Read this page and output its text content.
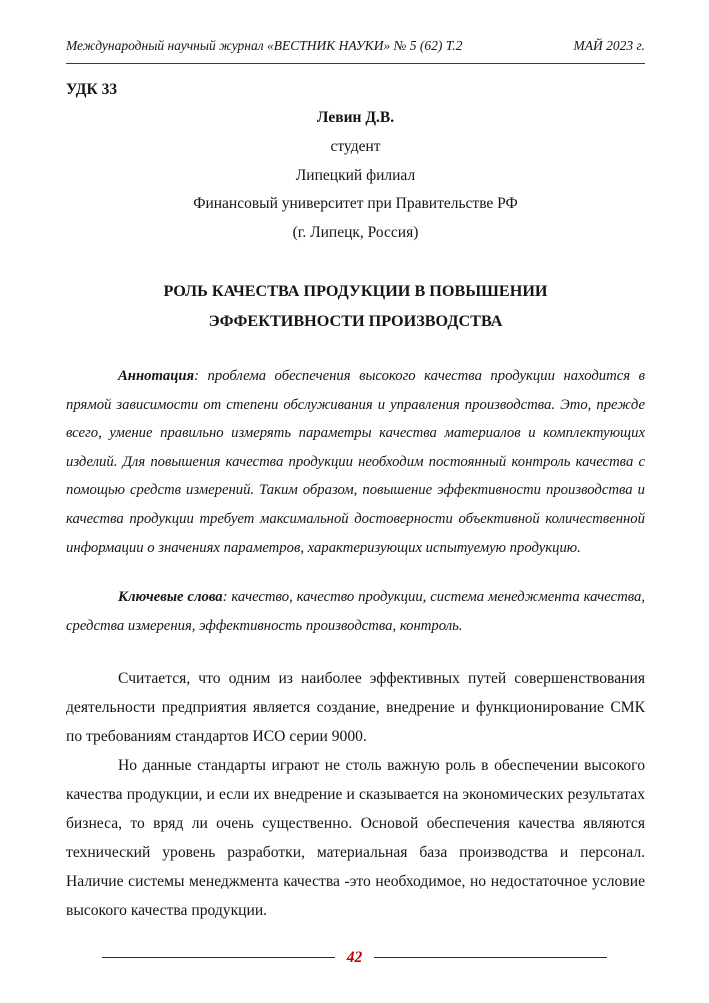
Международный научный журнал «ВЕСТНИК НАУКИ» № 5 (62) Т.2	МАЙ 2023 г.
УДК 33
Левин Д.В.
студент
Липецкий филиал
Финансовый университет при Правительстве РФ
(г. Липецк, Россия)
РОЛЬ КАЧЕСТВА ПРОДУКЦИИ В ПОВЫШЕНИИ
ЭФФЕКТИВНОСТИ ПРОИЗВОДСТВА

Аннотация: проблема обеспечения высокого качества продукции находится в прямой зависимости от степени обслуживания и управления производства. Это, прежде всего, умение правильно измерять параметры качества материалов и комплектующих изделий. Для повышения качества продукции необходим постоянный контроль качества с помощью средств измерений. Таким образом, повышение эффективности производства и качества продукции требует максимальной достоверности объективной количественной информации о значениях параметров, характеризующих испытуемую продукцию.

Ключевые слова: качество, качество продукции, система менеджмента качества, средства измерения, эффективность производства, контроль.

Считается, что одним из наиболее эффективных путей совершенствования деятельности предприятия является создание, внедрение и функционирование СМК по требованиям стандартов ИСО серии 9000.

Но данные стандарты играют не столь важную роль в обеспечении высокого качества продукции, и если их внедрение и сказывается на экономических результатах бизнеса, то вряд ли очень существенно. Основой обеспечения качества являются технический уровень разработки, материальная база производства и персонал. Наличие системы менеджмента качества -это необходимое, но недостаточное условие высокого качества продукции.

42
